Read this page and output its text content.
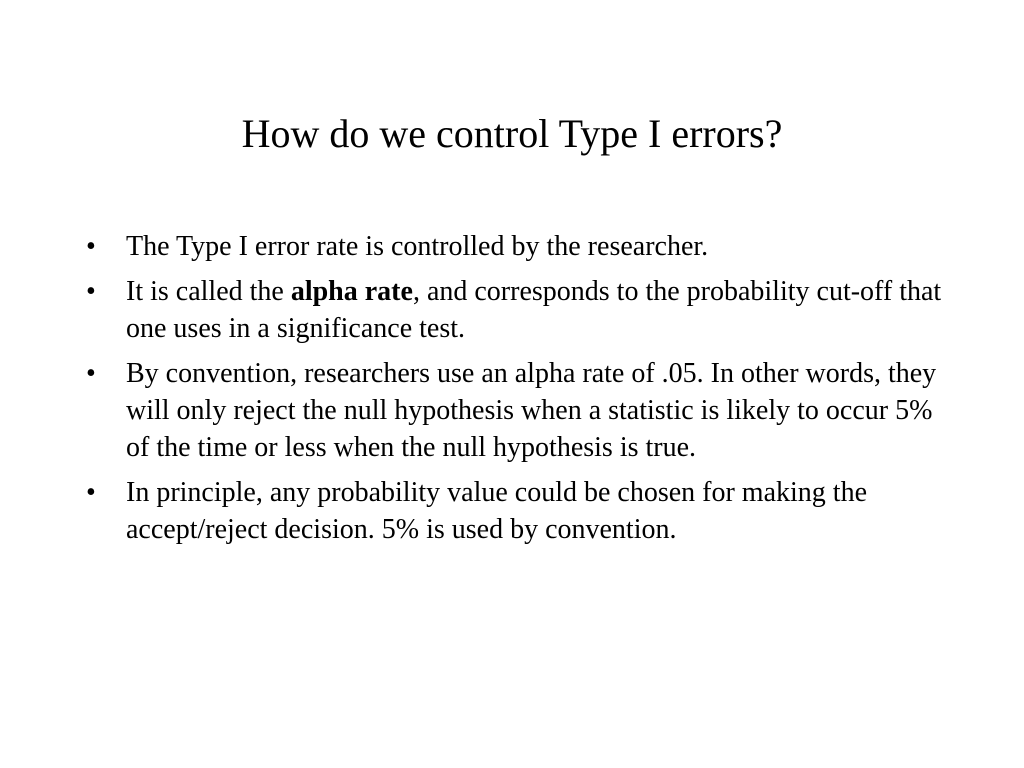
How do we control Type I errors?
• The Type I error rate is controlled by the researcher.
• It is called the alpha rate, and corresponds to the probability cut-off that one uses in a significance test.
• By convention, researchers use an alpha rate of .05. In other words, they will only reject the null hypothesis when a statistic is likely to occur 5% of the time or less when the null hypothesis is true.
• In principle, any probability value could be chosen for making the accept/reject decision. 5% is used by convention.
